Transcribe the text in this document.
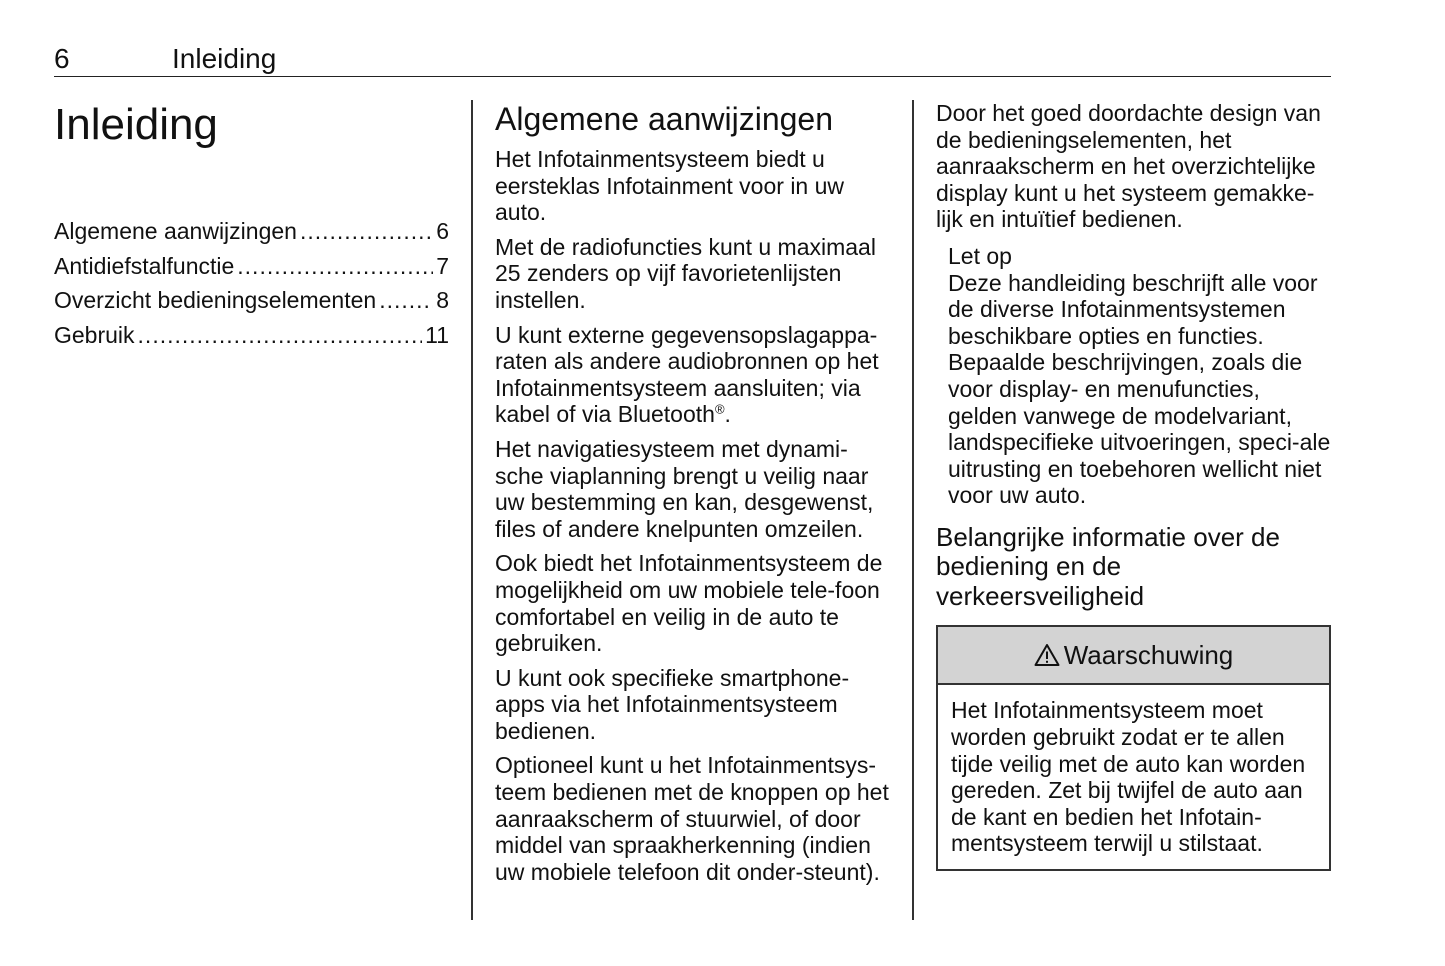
6	Inleiding
Inleiding
Algemene aanwijzingen .....	6
Antidiefstalfunctie .....	7
Overzicht bedieningselementen .....	8
Gebruik .....	11
Algemene aanwijzingen

Het Infotainmentsysteem biedt u eersteklas Infotainment voor in uw auto.

Met de radiofuncties kunt u maximaal 25 zenders op vijf favorietenlijsten instellen.

U kunt externe gegevensopslagappa-raten als andere audiobronnen op het Infotainmentsysteem aansluiten; via kabel of via Bluetooth®.

Het navigatiesysteem met dynami-sche viaplanning brengt u veilig naar uw bestemming en kan, desgewenst, files of andere knelpunten omzeilen.

Ook biedt het Infotainmentsysteem de mogelijkheid om uw mobiele tele-foon comfortabel en veilig in de auto te gebruiken.

U kunt ook specifieke smartphone-apps via het Infotainmentsysteem bedienen.

Optioneel kunt u het Infotainmentsys-teem bedienen met de knoppen op het aanraakscherm of stuurwiel, of door middel van spraakherkenning (indien uw mobiele telefoon dit onder-steunt).

Door het goed doordachte design van de bedieningselementen, het aanraakscherm en het overzichtelijke display kunt u het systeem gemakke-lijk en intuïtief bedienen.

Let op
Deze handleiding beschrijft alle voor de diverse Infotainmentsystemen beschikbare opties en functies. Bepaalde beschrijvingen, zoals die voor display- en menufuncties, gelden vanwege de modelvariant, landspecifieke uitvoeringen, speci-ale uitrusting en toebehoren wellicht niet voor uw auto.
Belangrijke informatie over de bediening en de verkeersveiligheid
Waarschuwing
Het Infotainmentsysteem moet worden gebruikt zodat er te allen tijde veilig met de auto kan worden gereden. Zet bij twijfel de auto aan de kant en bedien het Infotain-mentsysteem terwijl u stilstaat.
